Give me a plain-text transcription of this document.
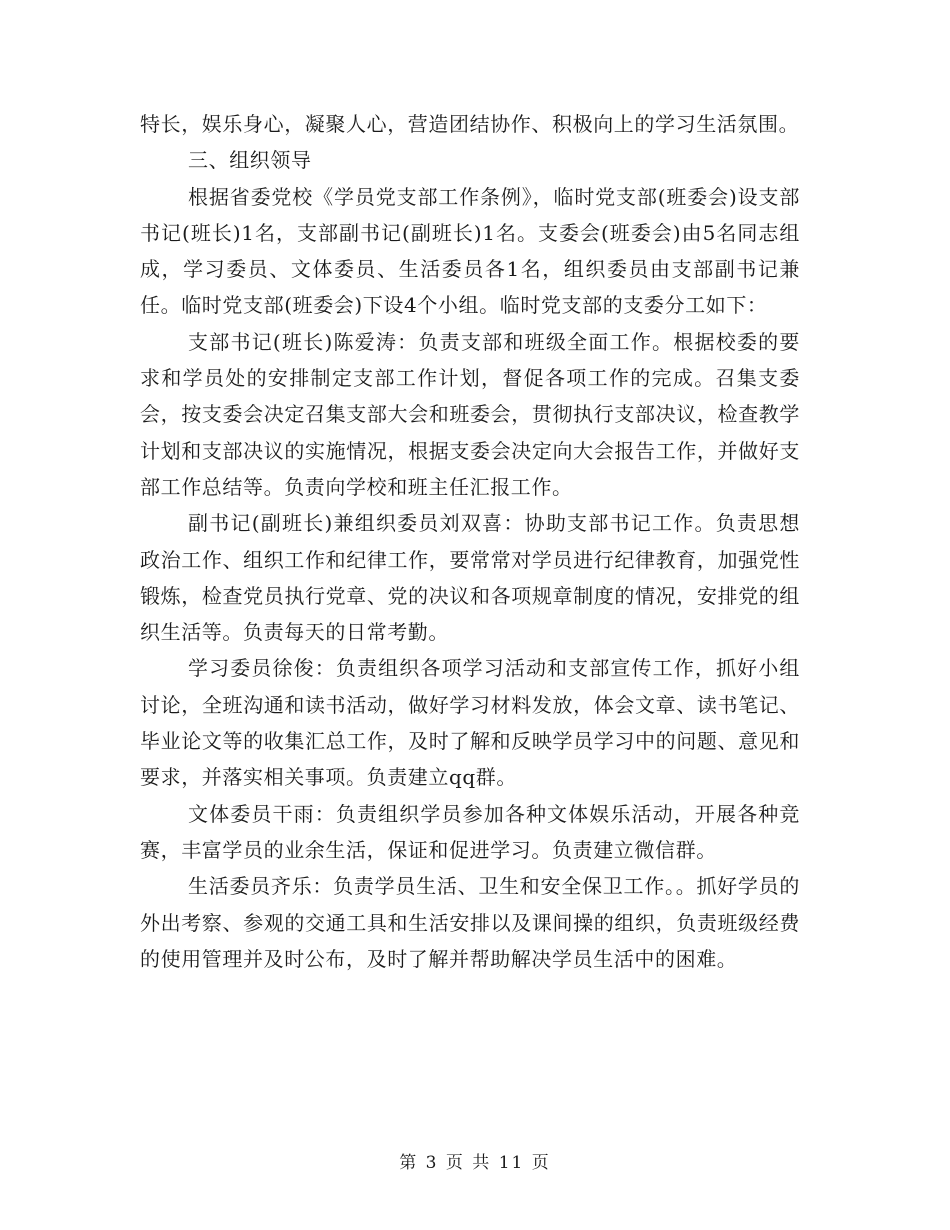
特长，娱乐身心，凝聚人心，营造团结协作、积极向上的学习生活氛围。

三、组织领导

根据省委党校《学员党支部工作条例》，临时党支部(班委会)设支部书记(班长)1名，支部副书记(副班长)1名。支委会(班委会)由5名同志组成，学习委员、文体委员、生活委员各1名，组织委员由支部副书记兼任。临时党支部(班委会)下设4个小组。临时党支部的支委分工如下：

支部书记(班长)陈爱涛：负责支部和班级全面工作。根据校委的要求和学员处的安排制定支部工作计划，督促各项工作的完成。召集支委会，按支委会决定召集支部大会和班委会，贯彻执行支部决议，检查教学计划和支部决议的实施情况，根据支委会决定向大会报告工作，并做好支部工作总结等。负责向学校和班主任汇报工作。

副书记(副班长)兼组织委员刘双喜：协助支部书记工作。负责思想政治工作、组织工作和纪律工作，要常常对学员进行纪律教育，加强党性锻炼，检查党员执行党章、党的决议和各项规章制度的情况，安排党的组织生活等。负责每天的日常考勤。

学习委员徐俊：负责组织各项学习活动和支部宣传工作，抓好小组讨论，全班沟通和读书活动，做好学习材料发放，体会文章、读书笔记、毕业论文等的收集汇总工作，及时了解和反映学员学习中的问题、意见和要求，并落实相关事项。负责建立qq群。

文体委员干雨：负责组织学员参加各种文体娱乐活动，开展各种竞赛，丰富学员的业余生活，保证和促进学习。负责建立微信群。

生活委员齐乐：负责学员生活、卫生和安全保卫工作。。抓好学员的外出考察、参观的交通工具和生活安排以及课间操的组织，负责班级经费的使用管理并及时公布，及时了解并帮助解决学员生活中的困难。

第 3 页 共 11 页
